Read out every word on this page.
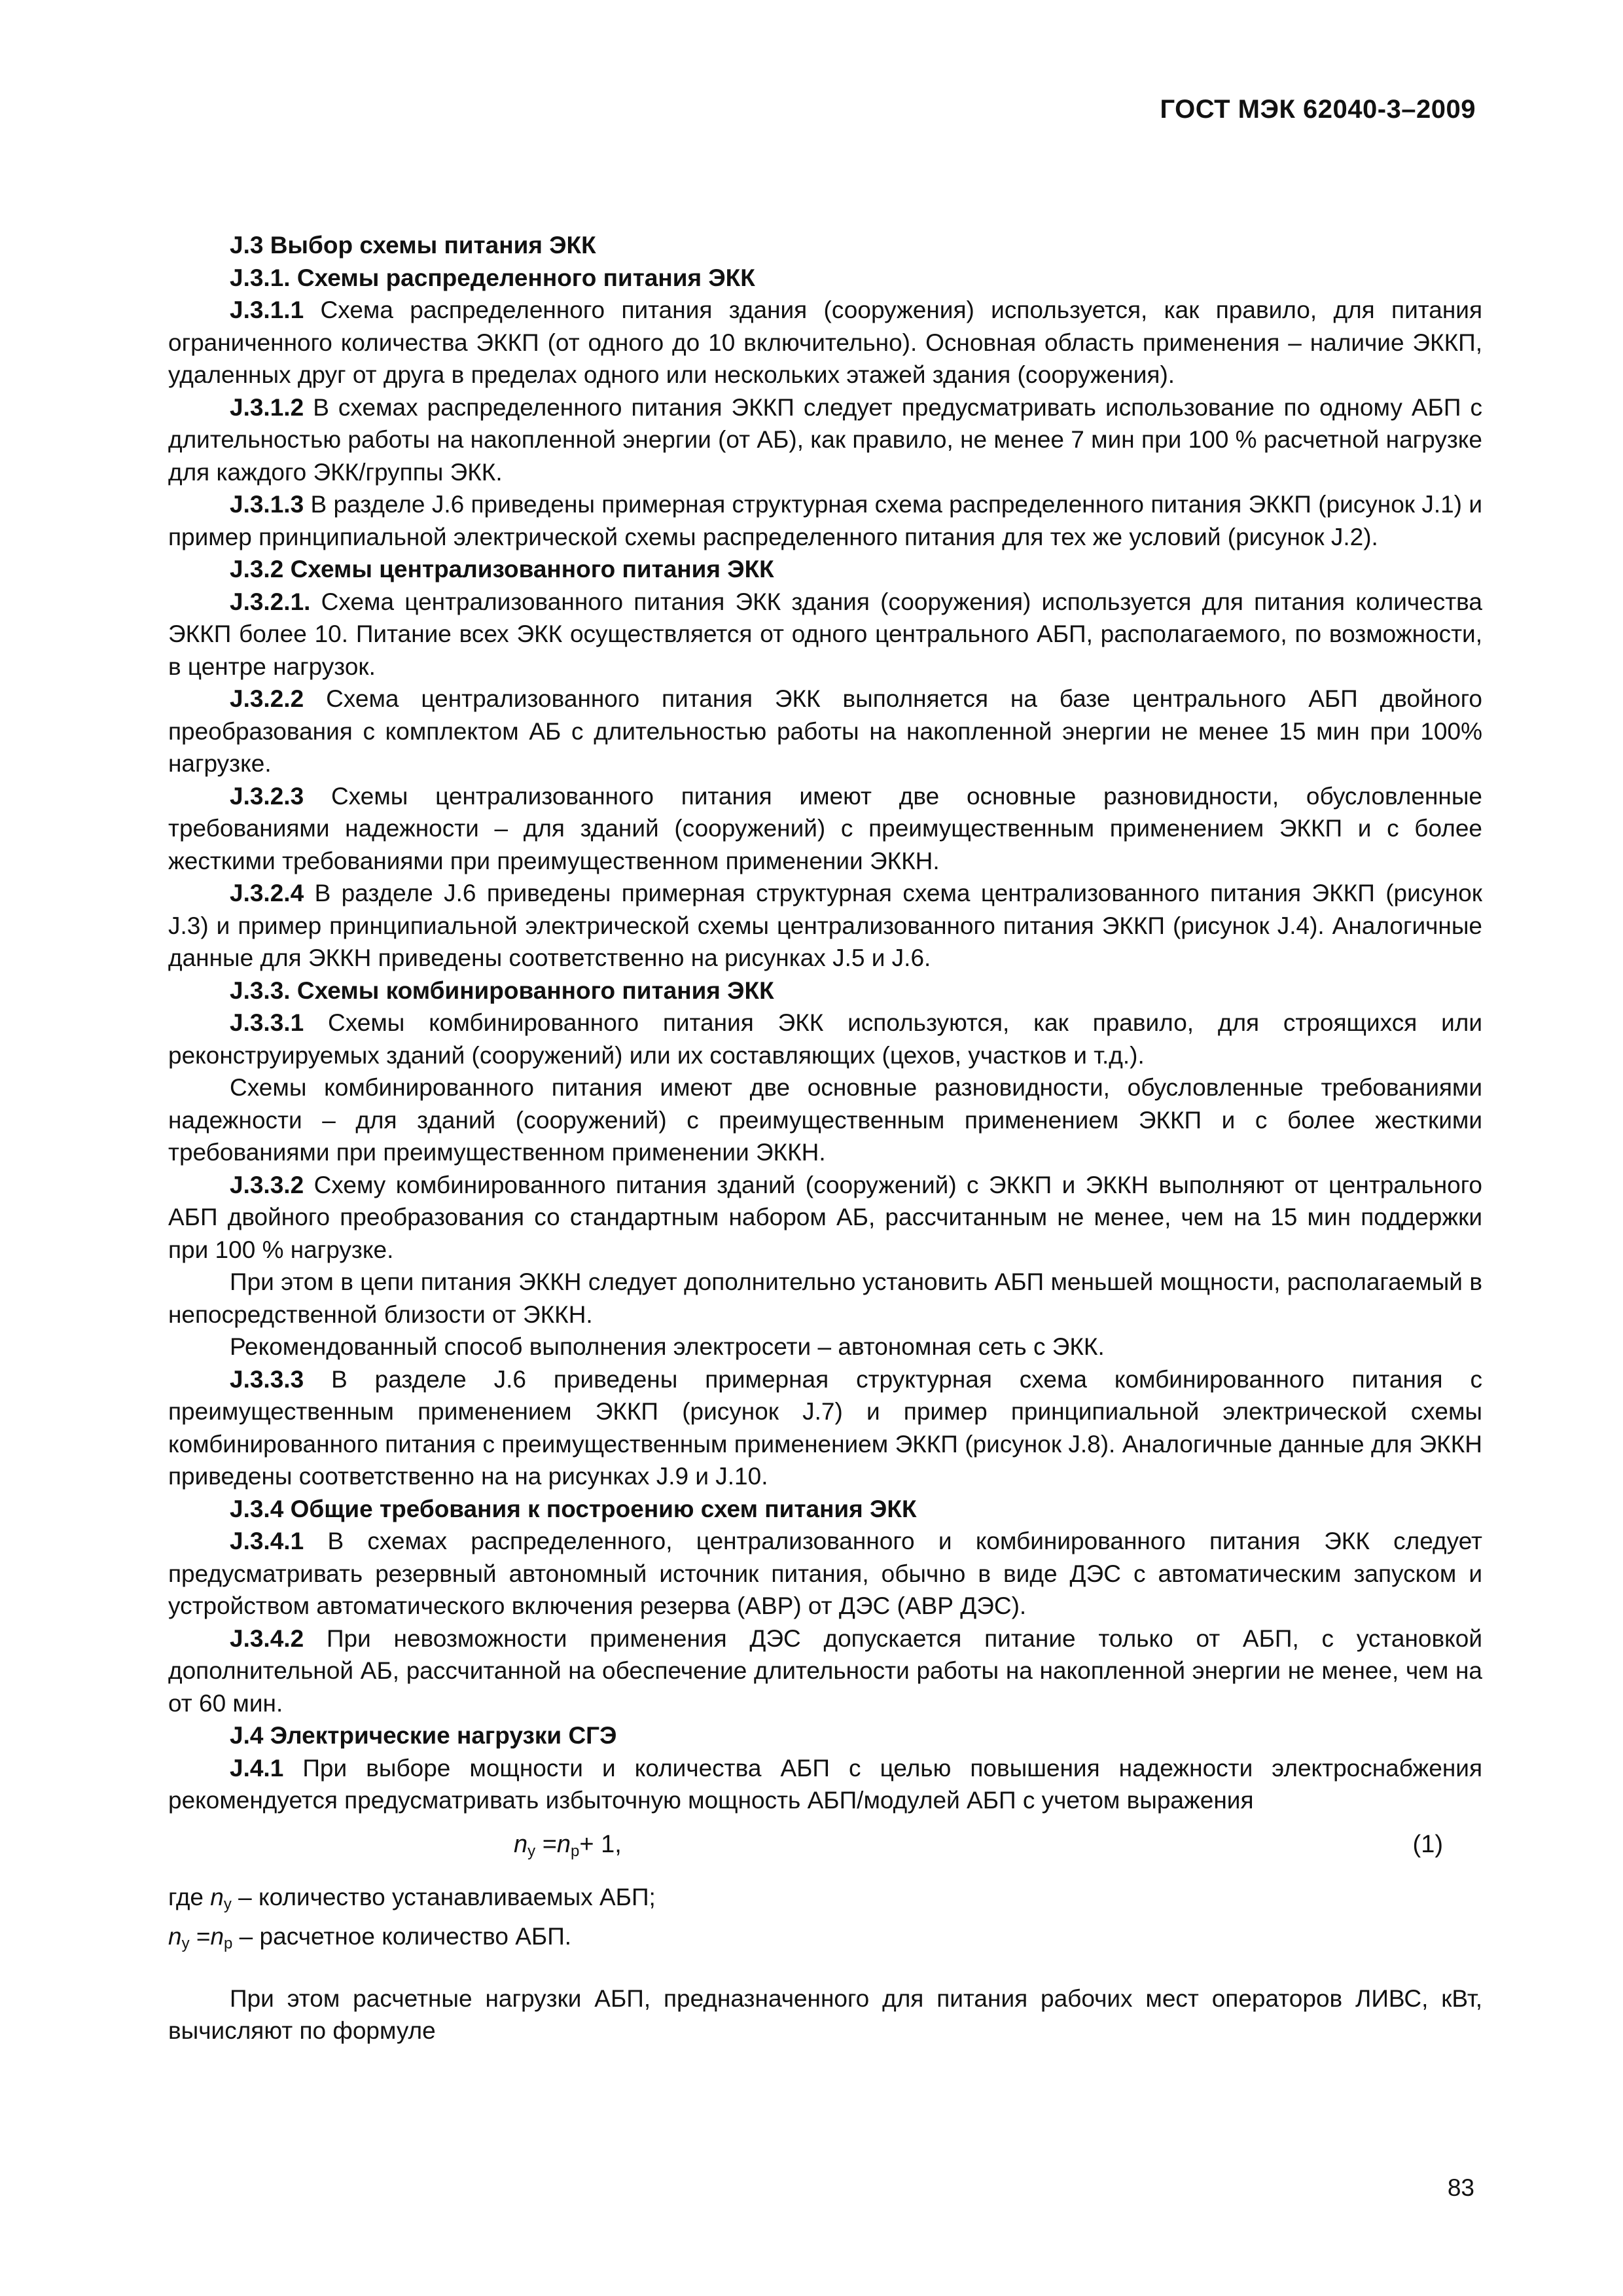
ГОСТ МЭК 62040-3–2009

J.3 Выбор схемы питания ЭКК

J.3.1. Схемы распределенного питания ЭКК

J.3.1.1 Схема распределенного питания здания (сооружения) используется, как правило, для питания ограниченного количества ЭККП (от одного до 10 включительно). Основная область применения – наличие ЭККП, удаленных друг от друга в пределах одного или нескольких этажей здания (сооружения).

J.3.1.2 В схемах распределенного питания ЭККП следует предусматривать использование по одному АБП с длительностью работы на накопленной энергии (от АБ), как правило, не менее 7 мин при 100 % расчетной нагрузке для каждого ЭКК/группы ЭКК.

J.3.1.3 В разделе J.6 приведены примерная структурная схема распределенного питания ЭККП (рисунок J.1) и пример принципиальной электрической схемы распределенного питания для тех же условий (рисунок J.2).

J.3.2 Схемы централизованного питания ЭКК

J.3.2.1. Схема централизованного питания ЭКК здания (сооружения) используется для питания количества ЭККП более 10. Питание всех ЭКК осуществляется от одного центрального АБП, располагаемого, по возможности, в центре нагрузок.

J.3.2.2 Схема централизованного питания ЭКК выполняется на базе центрального АБП двойного преобразования с комплектом АБ с длительностью работы на накопленной энергии не менее 15 мин при 100% нагрузке.

J.3.2.3 Схемы централизованного питания имеют две основные разновидности, обусловленные требованиями надежности – для зданий (сооружений) с преимущественным применением ЭККП и с более жесткими требованиями при преимущественном применении ЭККН.

J.3.2.4 В разделе J.6 приведены примерная структурная схема централизованного питания ЭККП (рисунок J.3) и пример принципиальной электрической схемы централизованного питания ЭККП (рисунок J.4). Аналогичные данные для ЭККН приведены соответственно на рисунках J.5 и J.6.

J.3.3. Схемы комбинированного питания ЭКК

J.3.3.1 Схемы комбинированного питания ЭКК используются, как правило, для строящихся или реконструируемых зданий (сооружений) или их составляющих (цехов, участков и т.д.).

Схемы комбинированного питания имеют две основные разновидности, обусловленные требованиями надежности – для зданий (сооружений) с преимущественным применением ЭККП и с более жесткими требованиями при преимущественном применении ЭККН.

J.3.3.2 Схему комбинированного питания зданий (сооружений) с ЭККП и ЭККН выполняют от центрального АБП двойного преобразования со стандартным набором АБ, рассчитанным не менее, чем на 15 мин поддержки при 100 % нагрузке.

При этом в цепи питания ЭККН следует дополнительно установить АБП меньшей мощности, располагаемый в непосредственной близости от ЭККН.

Рекомендованный способ выполнения электросети – автономная сеть с ЭКК.

J.3.3.3 В разделе J.6 приведены примерная структурная схема комбинированного питания с преимущественным применением ЭККП (рисунок J.7) и пример принципиальной электрической схемы комбинированного питания с преимущественным применением ЭККП (рисунок J.8). Аналогичные данные для ЭККН приведены соответственно на на рисунках J.9 и J.10.

J.3.4 Общие требования к построению схем питания ЭКК

J.3.4.1 В схемах распределенного, централизованного и комбинированного питания ЭКК следует предусматривать резервный автономный источник питания, обычно в виде ДЭС с автоматическим запуском и устройством автоматического включения резерва (АВР) от ДЭС (АВР ДЭС).

J.3.4.2 При невозможности применения ДЭС допускается питание только от АБП, с установкой дополнительной АБ, рассчитанной на обеспечение длительности работы на накопленной энергии не менее, чем на от 60 мин.

J.4 Электрические нагрузки СГЭ

J.4.1 При выборе мощности и количества АБП с целью повышения надежности электроснабжения рекомендуется предусматривать избыточную мощность АБП/модулей АБП с учетом выражения

$n_у =n_р+ 1$,	(1)

где $n_у$ – количество устанавливаемых АБП;

$n_у =n_р$ – расчетное количество АБП.

При этом расчетные нагрузки АБП, предназначенного для питания рабочих мест операторов ЛИВС, кВт, вычисляют по формуле

83
